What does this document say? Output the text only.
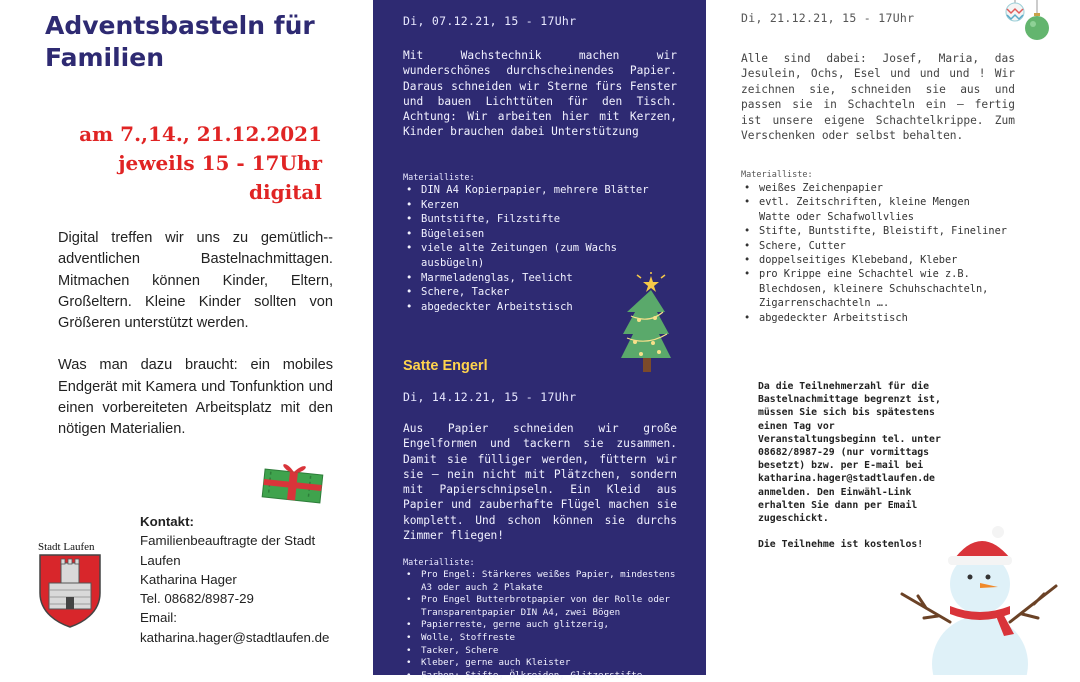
Adventsbasteln für
Familien
am 7.,14., 21.12.2021
jeweils 15 - 17Uhr
digital

Digital treffen wir uns zu gemütlich--adventlichen Bastelnachmittagen. Mitmachen können Kinder, Eltern, Großeltern. Kleine Kinder sollten von Größeren unterstützt werden.

Was man dazu braucht: ein mobiles Endgerät mit Kamera und Tonfunktion und einen vorbereiteten Arbeitsplatz mit den nötigen Materialien.

Stadt Laufen
Kontakt:
Familienbeauftragte der Stadt
Laufen
Katharina Hager
Tel. 08682/8987-29
Email:
katharina.hager@stadtlaufen.de
Di, 07.12.21, 15 - 17Uhr
Mit Wachstechnik machen wir wunderschönes durchscheinendes Papier. Daraus schneiden wir Sterne fürs Fenster und bauen Lichttüten für den Tisch. Achtung: Wir arbeiten hier mit Kerzen, Kinder brauchen dabei Unterstützung
Materialliste:
• DIN A4 Kopierpapier, mehrere Blätter
• Kerzen
• Buntstifte, Filzstifte
• Bügeleisen
• viele alte Zeitungen (zum Wachs ausbügeln)
• Marmeladenglas, Teelicht
• Schere, Tacker
• abgedeckter Arbeitstisch
Satte Engerl
Di, 14.12.21, 15 - 17Uhr
Aus Papier schneiden wir große Engelformen und tackern sie zusammen. Damit sie fülliger werden, füttern wir sie – nein nicht mit Plätzchen, sondern mit Papierschnipseln. Ein Kleid aus Papier und zauberhafte Flügel machen sie komplett. Und schon können sie durchs Zimmer fliegen!
Materialliste:
• Pro Engel: Stärkeres weißes Papier, mindestens A3 oder auch 2 Plakate
• Pro Engel Butterbrotpapier von der Rolle oder Transparentpapier DIN A4, zwei Bögen
• Papierreste, gerne auch glitzerig,
• Wolle, Stoffreste
• Tacker, Schere
• Kleber, gerne auch Kleister
• Farben: Stifte, Ölkreiden, Glitzerstifte
Di, 21.12.21, 15 - 17Uhr
Alle sind dabei: Josef, Maria, das Jesulein, Ochs, Esel und und und ! Wir zeichnen sie, schneiden sie aus und passen sie in Schachteln ein – fertig ist unsere eigene Schachtelkrippe. Zum Verschenken oder selbst behalten.
Materialliste:
• weißes Zeichenpapier
• evtl. Zeitschriften, kleine Mengen Watte oder Schafwollvlies
• Stifte, Buntstifte, Bleistift, Fineliner
• Schere, Cutter
• doppelseitiges Klebeband, Kleber
• pro Krippe eine Schachtel wie z.B. Blechdosen, kleinere Schuhschachteln, Zigarrenschachteln ….
• abgedeckter Arbeitstisch

Da die Teilnehmerzahl für die Bastelnachmittage begrenzt ist, müssen Sie sich bis spätestens einen Tag vor Veranstaltungsbeginn tel. unter 08682/8987-29 (nur vormittags besetzt) bzw. per E-mail bei katharina.hager@stadtlaufen.de anmelden. Den Einwähl-Link erhalten Sie dann per Email zugeschickt.

Die Teilnehme ist kostenlos!
